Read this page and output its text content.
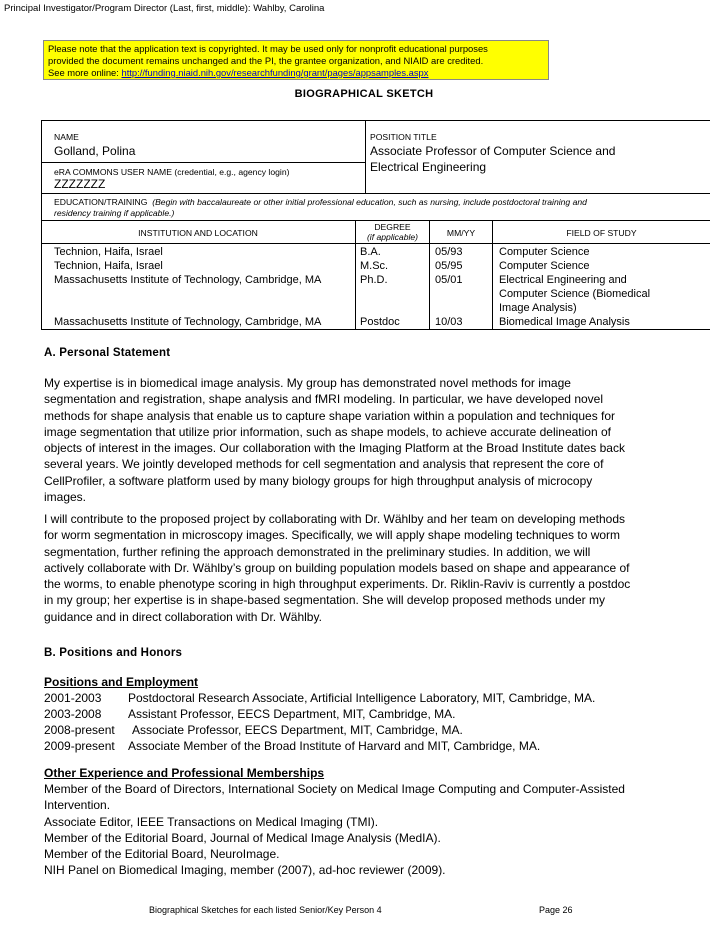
Principal Investigator/Program Director (Last, first, middle): Wahlby, Carolina
Please note that the application text is copyrighted. It may be used only for nonprofit educational purposes
provided the document remains unchanged and the PI, the grantee organization, and NIAID are credited.
See more online: http://funding.niaid.nih.gov/researchfunding/grant/pages/appsamples.aspx
BIOGRAPHICAL SKETCH
NAME
Golland, Polina
POSITION TITLE
Associate Professor of Computer Science and
Electrical Engineering
eRA COMMONS USER NAME (credential, e.g., agency login)
ZZZZZZZ
EDUCATION/TRAINING (Begin with baccalaureate or other initial professional education, such as nursing, include postdoctoral training and
residency training if applicable.)
INSTITUTION AND LOCATION
DEGREE
(if applicable)	MM/YY	FIELD OF STUDY
Technion, Haifa, Israel	B.A.	05/93	Computer Science
Technion, Haifa, Israel	M.Sc.	05/95	Computer Science
Massachusetts Institute of Technology, Cambridge, MA	Ph.D.	05/01	Electrical Engineering and
Computer Science (Biomedical
Image Analysis)
Massachusetts Institute of Technology, Cambridge, MA	Postdoc	10/03	Biomedical Image Analysis
A. Personal Statement
My expertise is in biomedical image analysis. My group has demonstrated novel methods for image
segmentation and registration, shape analysis and fMRI modeling. In particular, we have developed novel
methods for shape analysis that enable us to capture shape variation within a population and techniques for
image segmentation that utilize prior information, such as shape models, to achieve accurate delineation of
objects of interest in the images. Our collaboration with the Imaging Platform at the Broad Institute dates back
several years. We jointly developed methods for cell segmentation and analysis that represent the core of
CellProfiler, a software platform used by many biology groups for high throughput analysis of microcopy
images.
I will contribute to the proposed project by collaborating with Dr. Wählby and her team on developing methods
for worm segmentation in microscopy images. Specifically, we will apply shape modeling techniques to worm
segmentation, further refining the approach demonstrated in the preliminary studies. In addition, we will
actively collaborate with Dr. Wählby’s group on building population models based on shape and appearance of
the worms, to enable phenotype scoring in high throughput experiments. Dr. Riklin-Raviv is currently a postdoc
in my group; her expertise is in shape-based segmentation. She will develop proposed methods under my
guidance and in direct collaboration with Dr. Wählby.
B. Positions and Honors
Positions and Employment
2001-2003 Postdoctoral Research Associate, Artificial Intelligence Laboratory, MIT, Cambridge, MA.
2003-2008 Assistant Professor, EECS Department, MIT, Cambridge, MA.
2008-present Associate Professor, EECS Department, MIT, Cambridge, MA.
2009-present Associate Member of the Broad Institute of Harvard and MIT, Cambridge, MA.
Other Experience and Professional Memberships
Member of the Board of Directors, International Society on Medical Image Computing and Computer-Assisted
Intervention.
Associate Editor, IEEE Transactions on Medical Imaging (TMI).
Member of the Editorial Board, Journal of Medical Image Analysis (MedIA).
Member of the Editorial Board, NeuroImage.
NIH Panel on Biomedical Imaging, member (2007), ad-hoc reviewer (2009).
Biographical Sketches for each listed Senior/Key Person 4	Page 26
